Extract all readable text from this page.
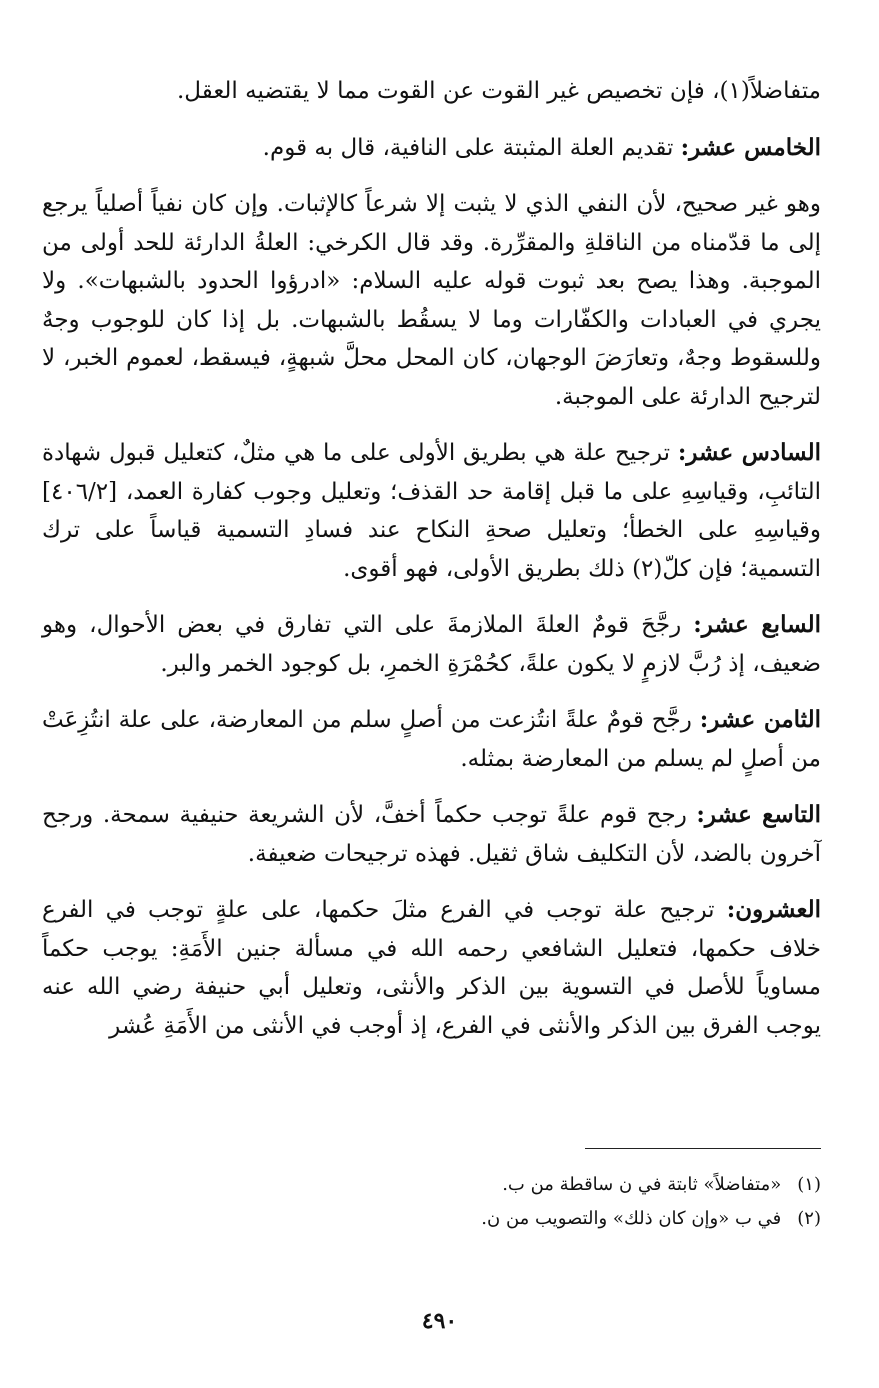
متفاضلاً(١)، فإن تخصيص غير القوت عن القوت مما لا يقتضيه العقل.

الخامس عشر: تقديم العلة المثبتة على النافية، قال به قوم.

وهو غير صحيح، لأن النفي الذي لا يثبت إلا شرعاً كالإثبات. وإن كان نفياً أصلياً يرجع إلى ما قدّمناه من الناقلةِ والمقرِّرة. وقد قال الكرخي: العلةُ الدارئة للحد أولى من الموجبة. وهذا يصح بعد ثبوت قوله عليه السلام: «ادرؤوا الحدود بالشبهات». ولا يجري في العبادات والكفّارات وما لا يسقُط بالشبهات. بل إذا كان للوجوب وجهٌ وللسقوط وجهٌ، وتعارَضَ الوجهان، كان المحل محلَّ شبهةٍ، فيسقط، لعموم الخبر، لا لترجيح الدارئة على الموجبة.

السادس عشر: ترجيح علة هي بطريق الأولى على ما هي مثلٌ، كتعليل قبول شهادة التائبِ، وقياسِهِ على ما قبل إقامة حد القذف؛ وتعليل وجوب كفارة العمد، [٤٠٦/٢] وقياسِهِ على الخطأ؛ وتعليل صحةِ النكاح عند فسادِ التسمية قياساً على ترك التسمية؛ فإن كلّ(٢) ذلك بطريق الأولى، فهو أقوى.

السابع عشر: رجَّحَ قومٌ العلةَ الملازمةَ على التي تفارق في بعض الأحوال، وهو ضعيف، إذ رُبَّ لازمٍ لا يكون علةً، كحُمْرَةِ الخمرِ، بل كوجود الخمر والبر.

الثامن عشر: رجَّح قومٌ علةً انتُزعت من أصلٍ سلم من المعارضة، على علة انتُزِعَتْ من أصلٍ لم يسلم من المعارضة بمثله.

التاسع عشر: رجح قوم علةً توجب حكماً أخفَّ، لأن الشريعة حنيفية سمحة. ورجح آخرون بالضد، لأن التكليف شاق ثقيل. فهذه ترجيحات ضعيفة.

العشرون: ترجيح علة توجب في الفرع مثلَ حكمها، على علةٍ توجب في الفرع خلاف حكمها، فتعليل الشافعي رحمه الله في مسألة جنين الأَمَةِ: يوجب حكماً مساوياً للأصل في التسوية بين الذكر والأنثى، وتعليل أبي حنيفة رضي الله عنه يوجب الفرق بين الذكر والأنثى في الفرع، إذ أوجب في الأنثى من الأَمَةِ عُشر

(١) «متفاضلاً» ثابتة في ن ساقطة من ب.

(٢) في ب «وإن كان ذلك» والتصويب من ن.

٤٩٠
